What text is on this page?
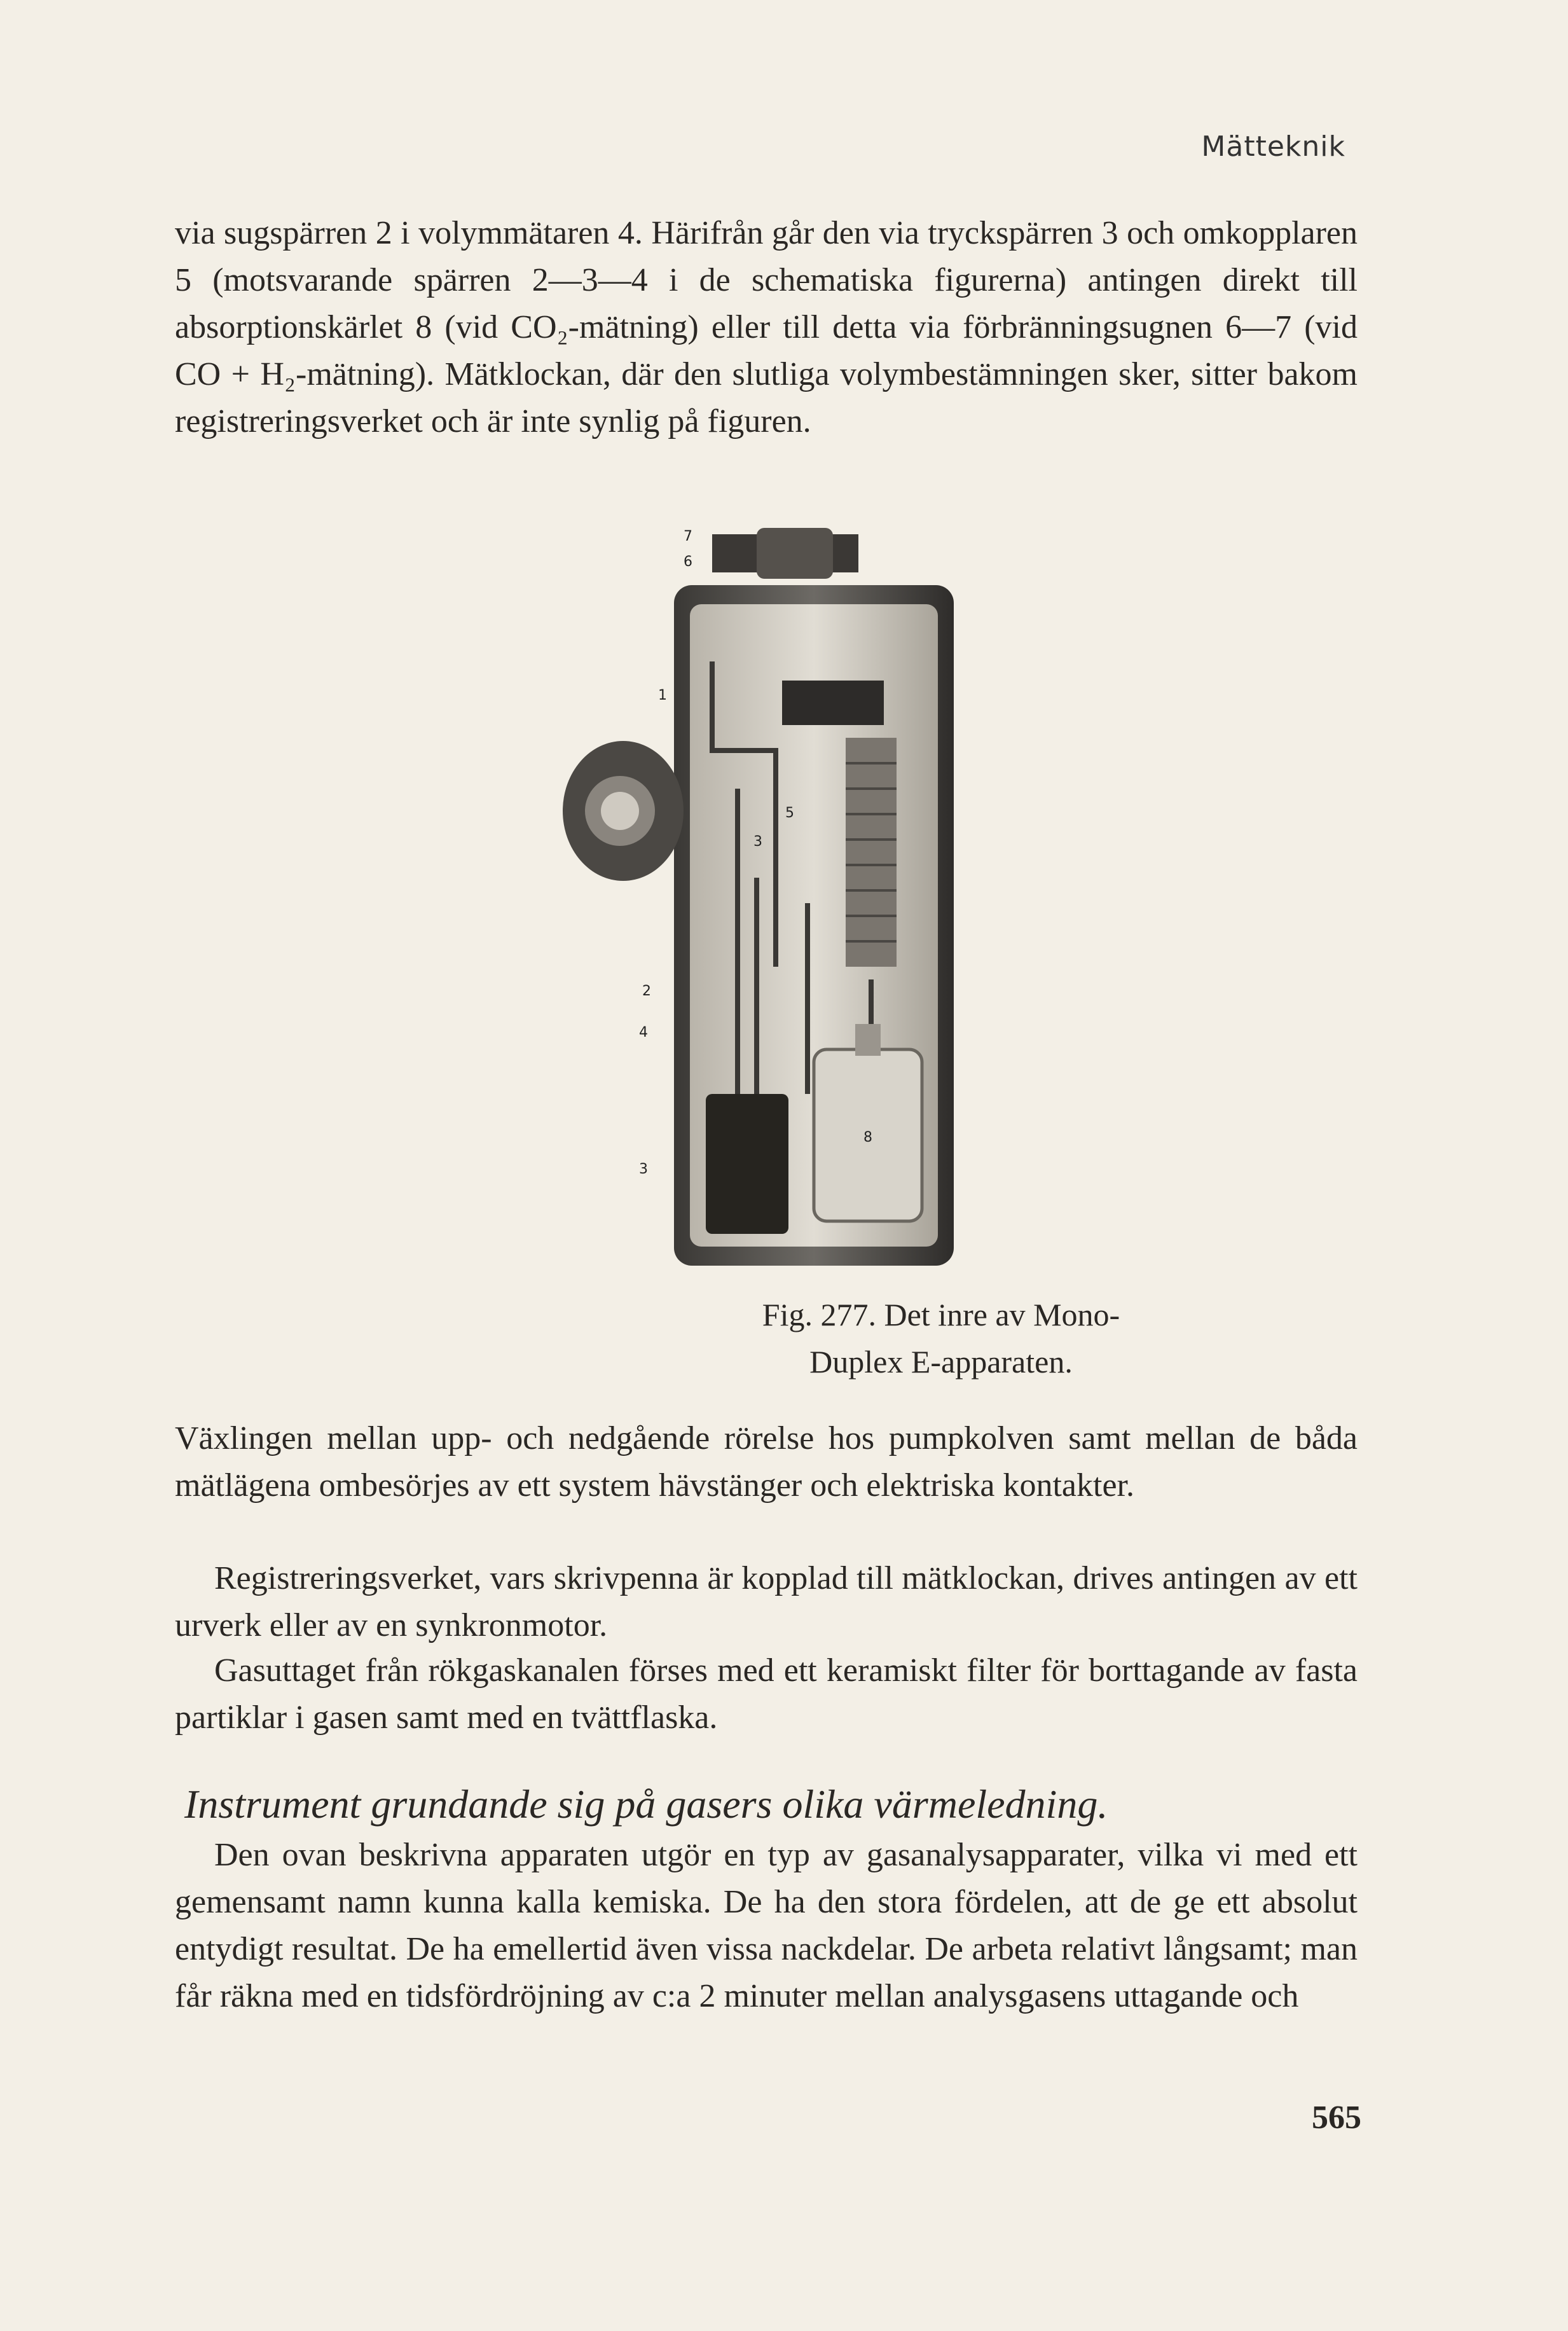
Mätteknik

via sugspärren 2 i volymmätaren 4. Härifrån går den via tryckspärren 3 och omkopplaren 5 (motsvarande spärren 2—3—4 i de schematiska figurerna) antingen direkt till absorptionskärlet 8 (vid CO₂-mätning) eller till detta via förbränningsugnen 6—7 (vid CO + H₂-mätning). Mätklockan, där den slutliga volymbestämningen sker, sitter bakom registreringsverket och är inte synlig på figuren.

7
6
1
5
3
2
4
3
8
Fig. 277. Det inre av Mono-
Duplex E-apparaten.

Växlingen mellan upp- och nedgående rörelse hos pumpkolven samt mellan de båda mätlägena ombesörjes av ett system hävstänger och elektriska kontakter.

Registreringsverket, vars skrivpenna är kopplad till mätklockan, drives antingen av ett urverk eller av en synkronmotor.

Gasuttaget från rökgaskanalen förses med ett keramiskt filter för borttagande av fasta partiklar i gasen samt med en tvättflaska.

Instrument grundande sig på gasers olika värmeledning.

Den ovan beskrivna apparaten utgör en typ av gasanalysapparater, vilka vi med ett gemensamt namn kunna kalla kemiska. De ha den stora fördelen, att de ge ett absolut entydigt resultat. De ha emellertid även vissa nackdelar. De arbeta relativt långsamt; man får räkna med en tidsfördröjning av c:a 2 minuter mellan analysgasens uttagande och

565
